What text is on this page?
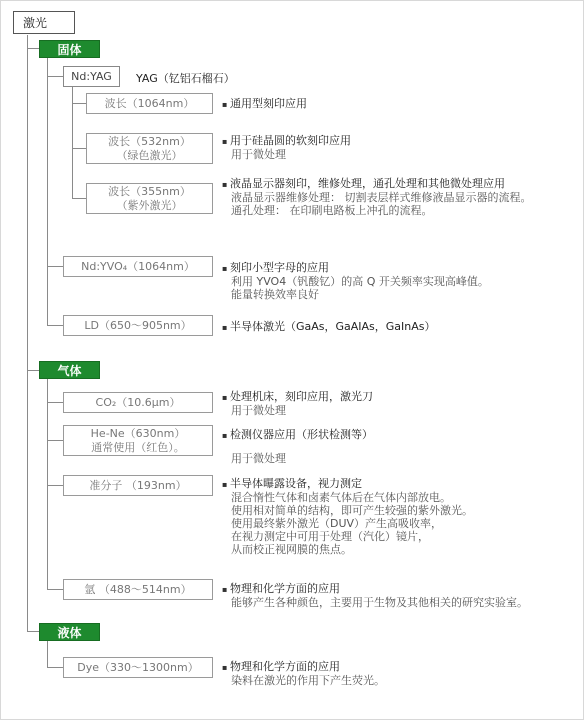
激光
固体
气体
液体
Nd:YAG YAG（钇铝石榴石）
波长（1064nm）
波长（532nm）
（绿色激光）
波长（355nm）
（紫外激光）
Nd:YVO₄（1064nm）
LD（650～905nm）
CO₂（10.6μm）
He-Ne（630nm）
通常使用（红色）。
准分子 （193nm）
氩 （488～514nm）
Dye（330～1300nm）
▪ 通用型刻印应用
▪ 用于硅晶圆的软刻印应用
用于微处理
▪ 液晶显示器刻印，维修处理，通孔处理和其他微处理应用
液晶显示器维修处理： 切割表层样式维修液晶显示器的流程。
通孔处理： 在印刷电路板上冲孔的流程。
▪ 刻印小型字母的应用
利用 YVO4（钒酸钇）的高 Q 开关频率实现高峰值。
能量转换效率良好
▪ 半导体激光（GaAs，GaAIAs，GaInAs）
▪ 处理机床，刻印应用，激光刀
用于微处理
▪ 检测仪器应用（形状检测等）
用于微处理
▪ 半导体曝露设备，视力测定
混合惰性气体和卤素气体后在气体内部放电。
使用相对简单的结构，即可产生较强的紫外激光。
使用最终紫外激光（DUV）产生高吸收率，
在视力测定中可用于处理（汽化）镜片，
从而校正视网膜的焦点。
▪ 物理和化学方面的应用
能够产生各种颜色，主要用于生物及其他相关的研究实验室。
▪ 物理和化学方面的应用
染料在激光的作用下产生荧光。
